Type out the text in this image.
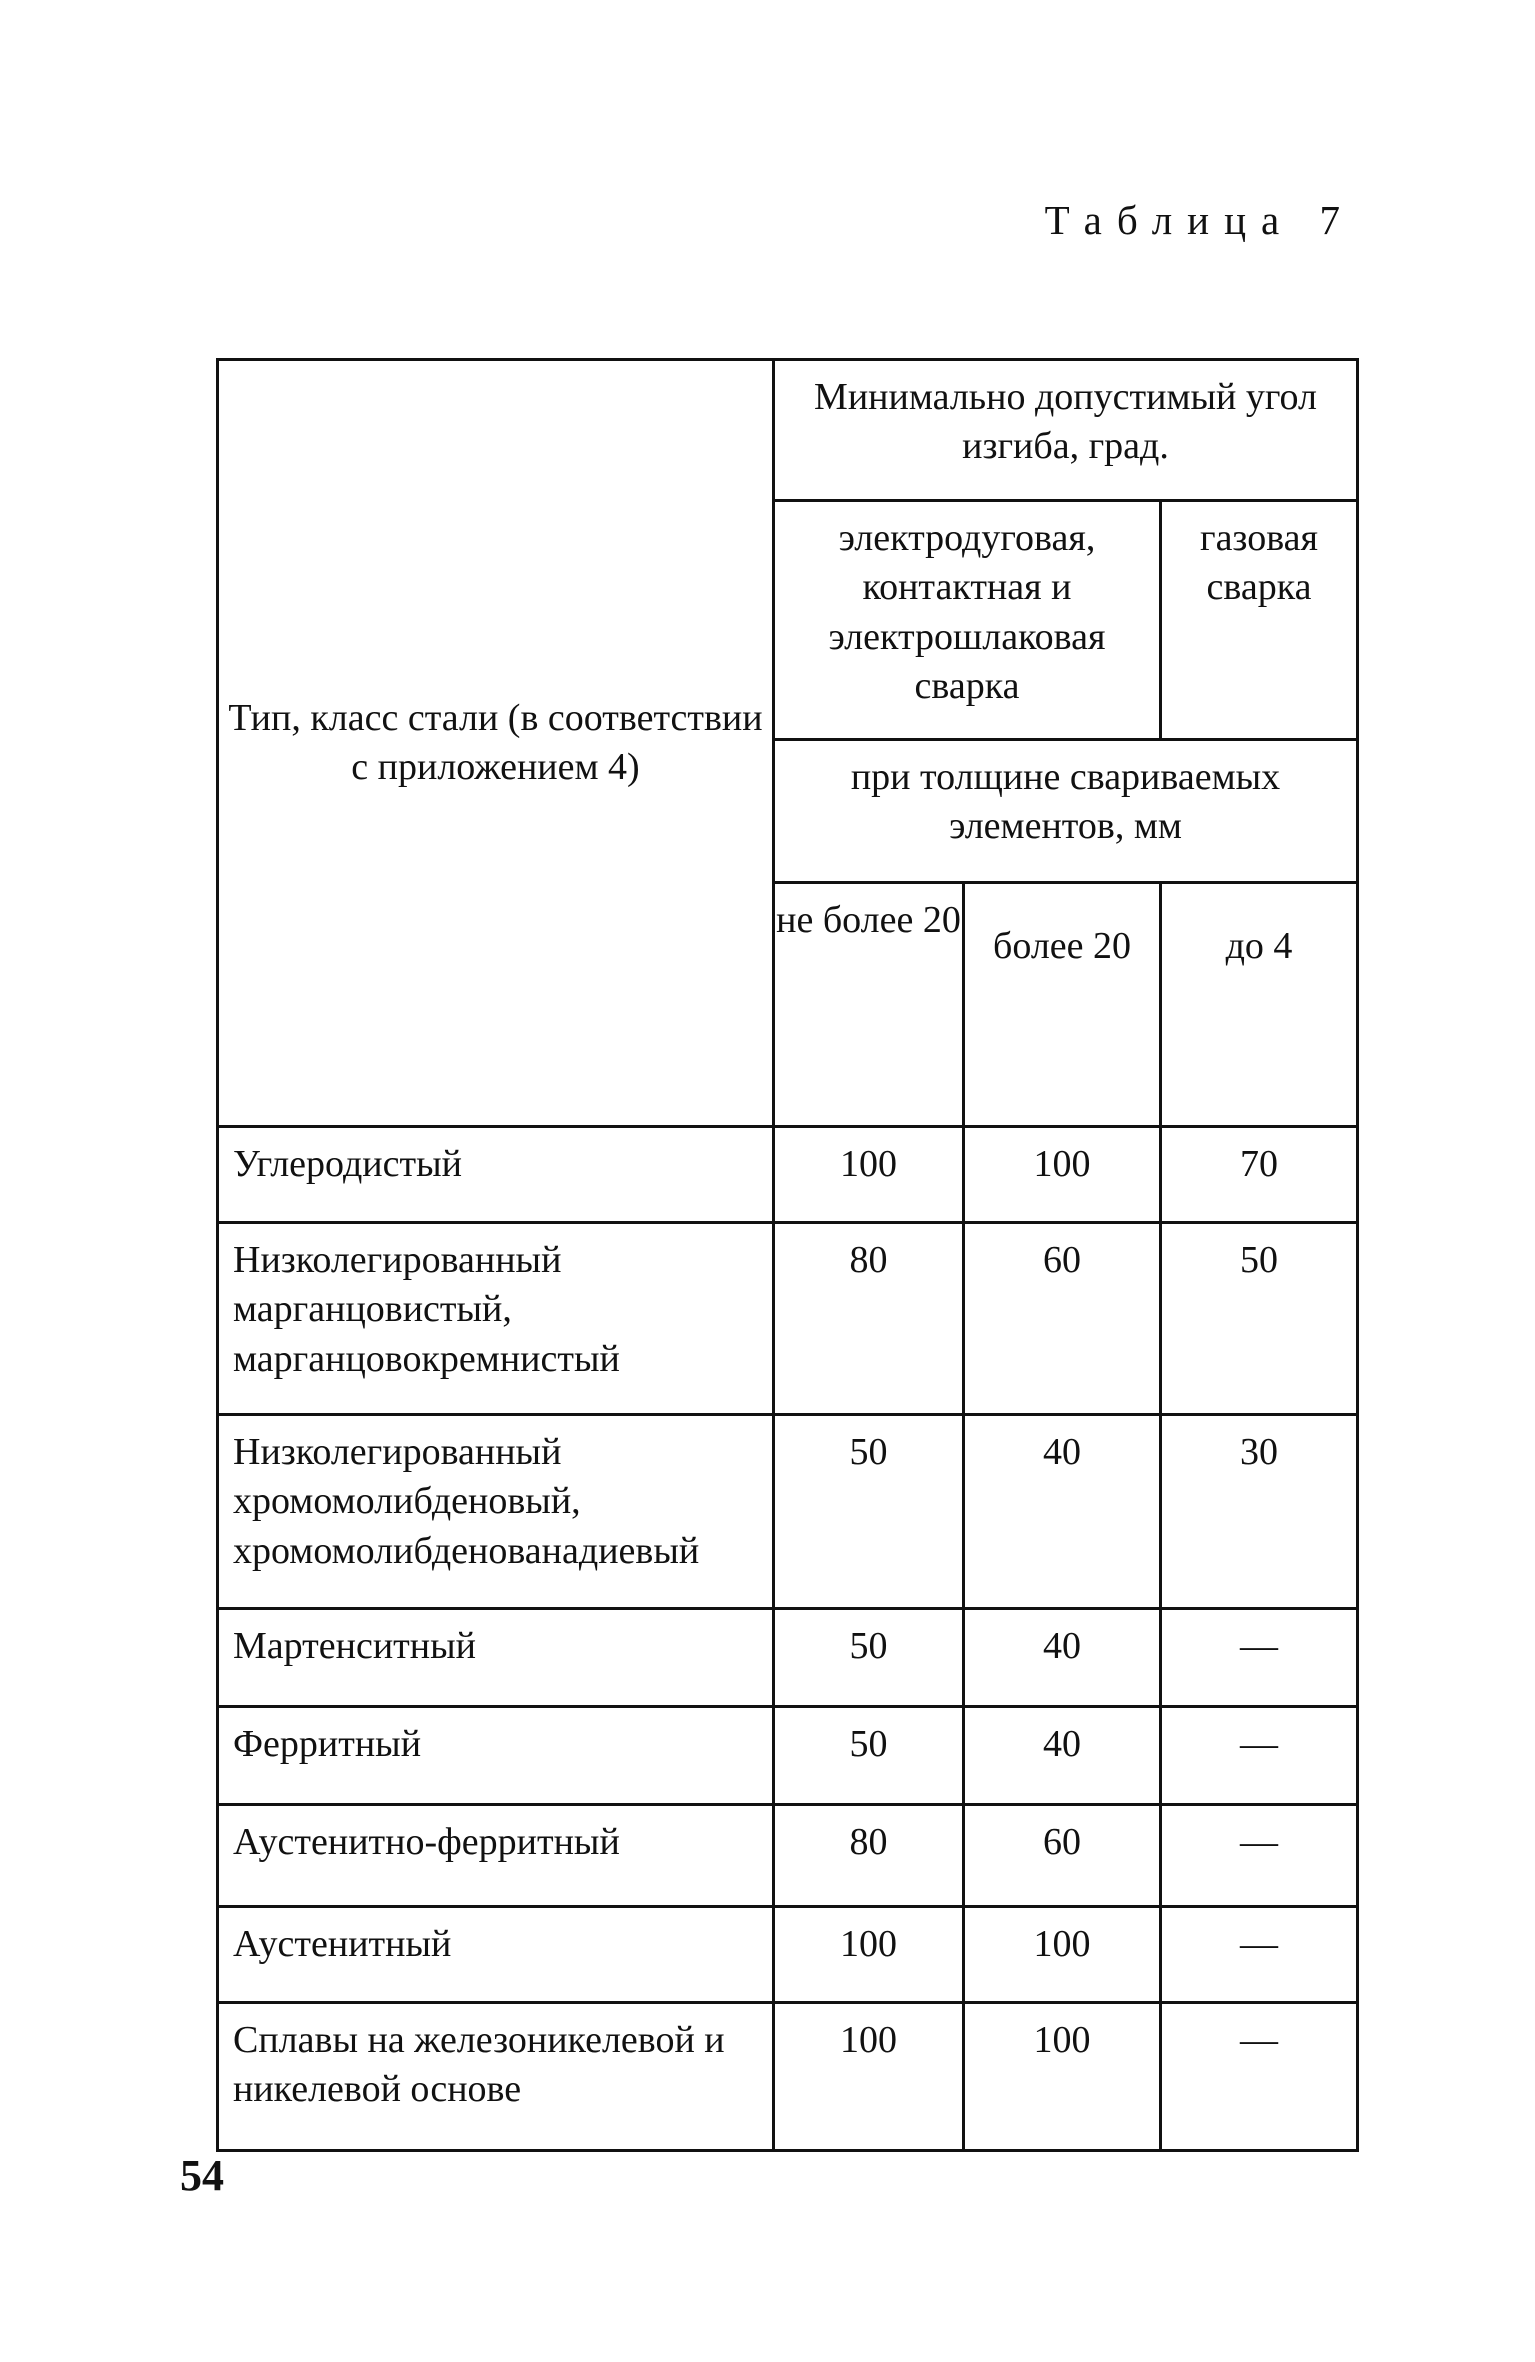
Таблица 7
Тип, класс стали (в соответствии с приложением 4)	Минимально допустимый угол изгиба, град.		
	электродуговая, контактная и электрошлаковая сварка		газовая сварка
	при толщине свариваемых элементов, мм		
	не более 20	более 20	до 4
Углеродистый	100	100	70
Низколегированный марганцовистый, марганцовокремнистый	80	60	50
Низколегированный хромомолибденовый, хромомолибденованадиевый	50	40	30
Мартенситный	50	40	—
Ферритный	50	40	—
Аустенитно-ферритный	80	60	—
Аустенитный	100	100	—
Сплавы на железоникелевой и никелевой основе	100	100	—
54
